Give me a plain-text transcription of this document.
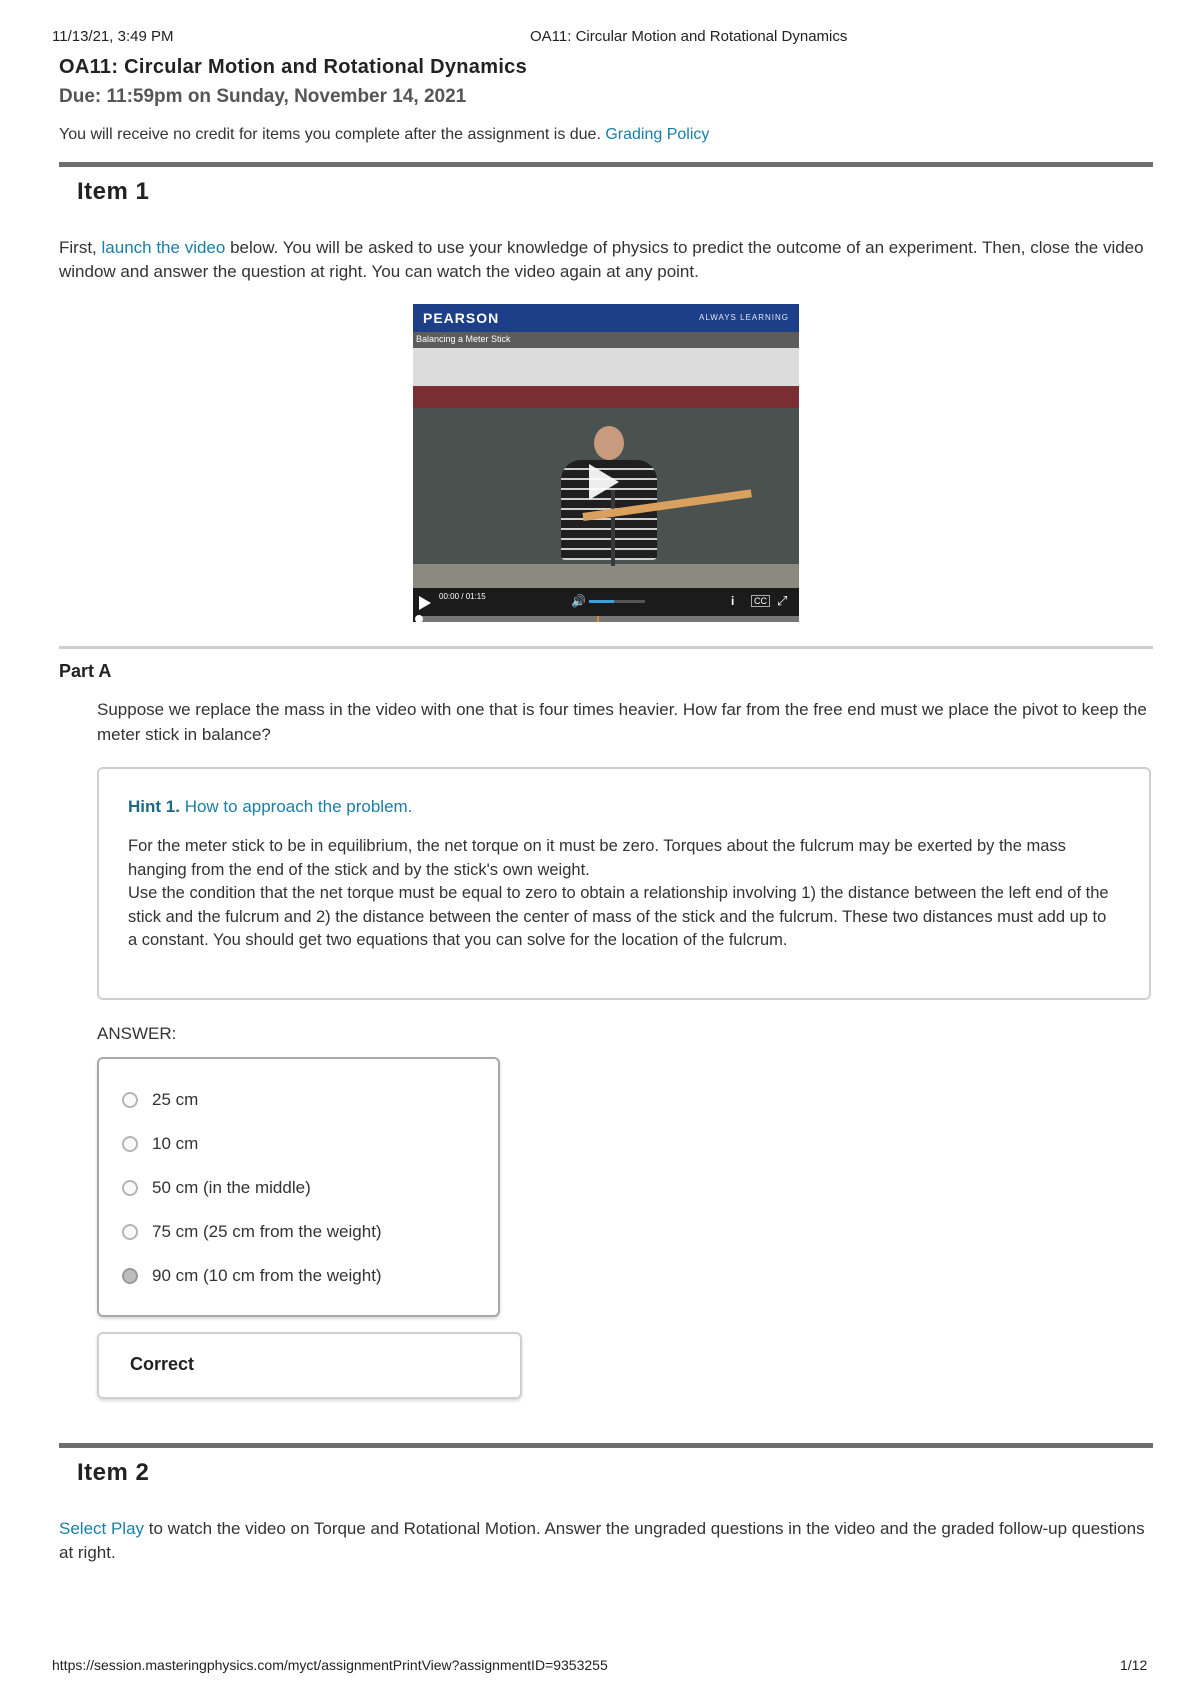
11/13/21, 3:49 PM	OA11: Circular Motion and Rotational Dynamics
OA11: Circular Motion and Rotational Dynamics
Due: 11:59pm on Sunday, November 14, 2021
You will receive no credit for items you complete after the assignment is due. Grading Policy
Item 1
First, launch the video below. You will be asked to use your knowledge of physics to predict the outcome of an experiment. Then, close the video window and answer the question at right. You can watch the video again at any point.
PEARSON	ALWAYS LEARNING
Balancing a Meter Stick
00:00 / 01:15	🔊	i	CC ⤢
Part A
Suppose we replace the mass in the video with one that is four times heavier. How far from the free end must we place the pivot to keep the meter stick in balance?
Hint 1. How to approach the problem.
For the meter stick to be in equilibrium, the net torque on it must be zero. Torques about the fulcrum may be exerted by the mass hanging from the end of the stick and by the stick's own weight.
Use the condition that the net torque must be equal to zero to obtain a relationship involving 1) the distance between the left end of the stick and the fulcrum and 2) the distance between the center of mass of the stick and the fulcrum. These two distances must add up to a constant. You should get two equations that you can solve for the location of the fulcrum.
ANSWER:
25 cm
10 cm
50 cm (in the middle)
75 cm (25 cm from the weight)
90 cm (10 cm from the weight)
Correct
Item 2
Select Play to watch the video on Torque and Rotational Motion. Answer the ungraded questions in the video and the graded follow-up questions at right.
https://session.masteringphysics.com/myct/assignmentPrintView?assignmentID=9353255	1/12
